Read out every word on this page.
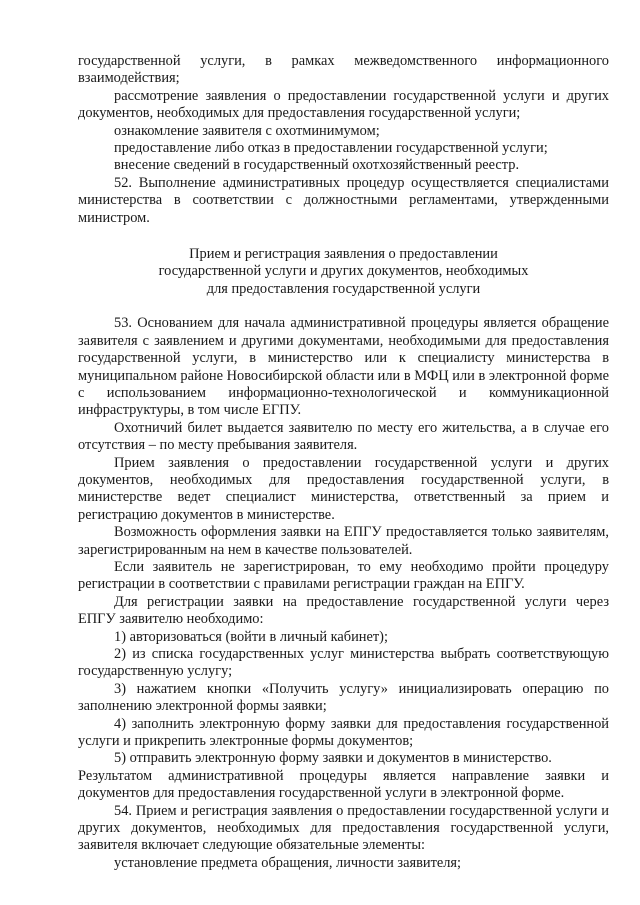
государственной услуги, в рамках межведомственного информационного взаимодействия;

рассмотрение заявления о предоставлении государственной услуги и других документов, необходимых для предоставления государственной услуги;

ознакомление заявителя с охотминимумом;

предоставление либо отказ в предоставлении государственной услуги;

внесение сведений в государственный охотхозяйственный реестр.

52. Выполнение административных процедур осуществляется специалистами министерства в соответствии с должностными регламентами, утвержденными министром.

Прием и регистрация заявления о предоставлении
государственной услуги и других документов, необходимых
для предоставления государственной услуги

53. Основанием для начала административной процедуры является обращение заявителя с заявлением и другими документами, необходимыми для предоставления государственной услуги, в министерство или к специалисту министерства в муниципальном районе Новосибирской области или в МФЦ или в электронной форме с использованием информационно-технологической и коммуникационной инфраструктуры, в том числе ЕГПУ.

Охотничий билет выдается заявителю по месту его жительства, а в случае его отсутствия – по месту пребывания заявителя.

Прием заявления о предоставлении государственной услуги и других документов, необходимых для предоставления государственной услуги, в министерстве ведет специалист министерства, ответственный за прием и регистрацию документов в министерстве.

Возможность оформления заявки на ЕПГУ предоставляется только заявителям, зарегистрированным на нем в качестве пользователей.

Если заявитель не зарегистрирован, то ему необходимо пройти процедуру регистрации в соответствии с правилами регистрации граждан на ЕПГУ.

Для регистрации заявки на предоставление государственной услуги через ЕПГУ заявителю необходимо:

1) авторизоваться (войти в личный кабинет);

2) из списка государственных услуг министерства выбрать соответствующую государственную услугу;

3) нажатием кнопки «Получить услугу» инициализировать операцию по заполнению электронной формы заявки;

4) заполнить электронную форму заявки для предоставления государственной услуги и прикрепить электронные формы документов;

5) отправить электронную форму заявки и документов в министерство.

Результатом административной процедуры является направление заявки и документов для предоставления государственной услуги в электронной форме.

54. Прием и регистрация заявления о предоставлении государственной услуги и других документов, необходимых для предоставления государственной услуги, заявителя включает следующие обязательные элементы:

установление предмета обращения, личности заявителя;
